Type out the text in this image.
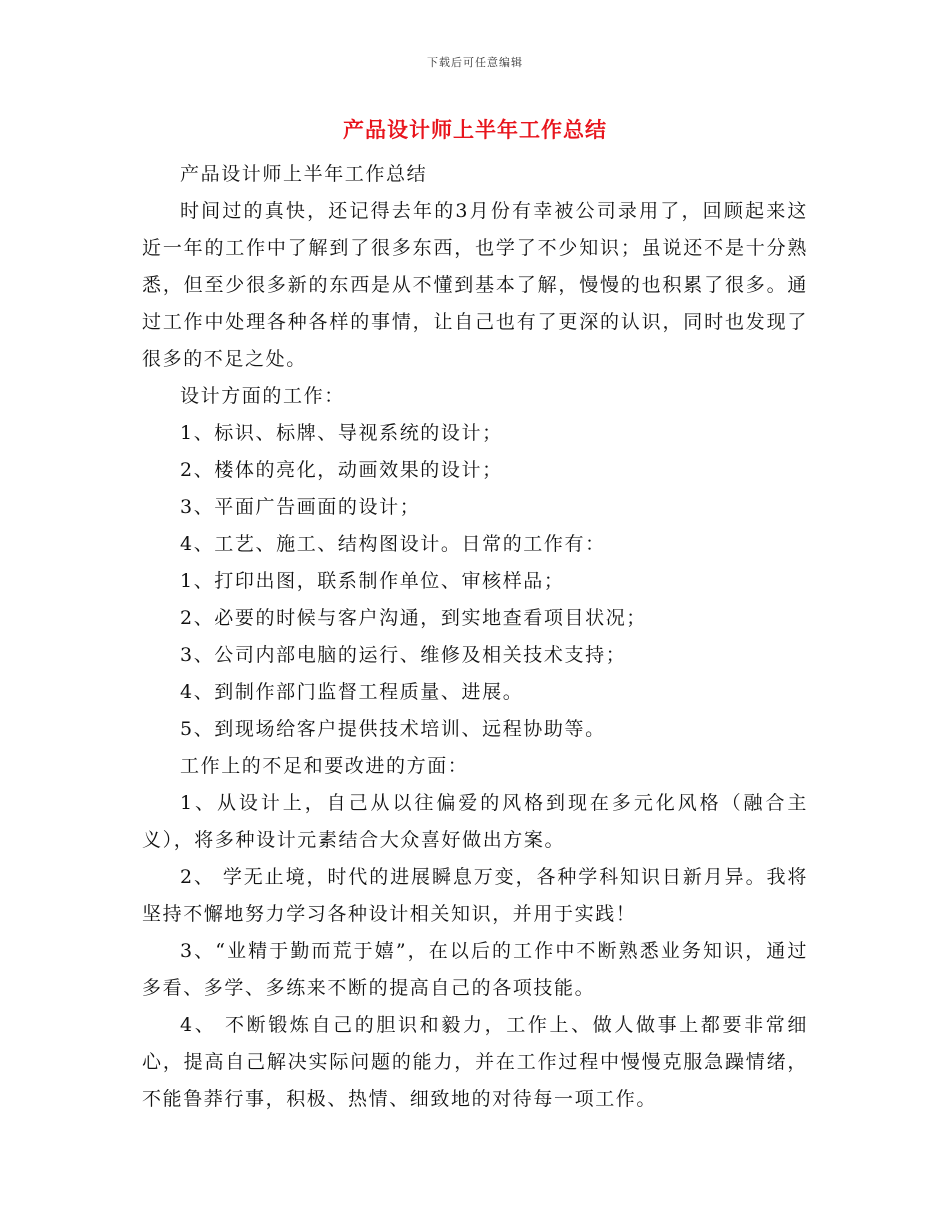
下载后可任意编辑
产品设计师上半年工作总结

产品设计师上半年工作总结

时间过的真快，还记得去年的3月份有幸被公司录用了，回顾起来这近一年的工作中了解到了很多东西，也学了不少知识；虽说还不是十分熟悉，但至少很多新的东西是从不懂到基本了解，慢慢的也积累了很多。通过工作中处理各种各样的事情，让自己也有了更深的认识，同时也发现了很多的不足之处。

设计方面的工作：

1、标识、标牌、导视系统的设计；

2、楼体的亮化，动画效果的设计；

3、平面广告画面的设计；

4、工艺、施工、结构图设计。日常的工作有：

1、打印出图，联系制作单位、审核样品；

2、必要的时候与客户沟通，到实地查看项目状况；

3、公司内部电脑的运行、维修及相关技术支持；

4、到制作部门监督工程质量、进展。

5、到现场给客户提供技术培训、远程协助等。

工作上的不足和要改进的方面：

1、从设计上，自己从以往偏爱的风格到现在多元化风格（融合主义），将多种设计元素结合大众喜好做出方案。

2、 学无止境，时代的进展瞬息万变，各种学科知识日新月异。我将坚持不懈地努力学习各种设计相关知识，并用于实践！

3、“业精于勤而荒于嬉”，在以后的工作中不断熟悉业务知识，通过多看、多学、多练来不断的提高自己的各项技能。

4、 不断锻炼自己的胆识和毅力，工作上、做人做事上都要非常细心，提高自己解决实际问题的能力，并在工作过程中慢慢克服急躁情绪，不能鲁莽行事，积极、热情、细致地的对待每一项工作。
